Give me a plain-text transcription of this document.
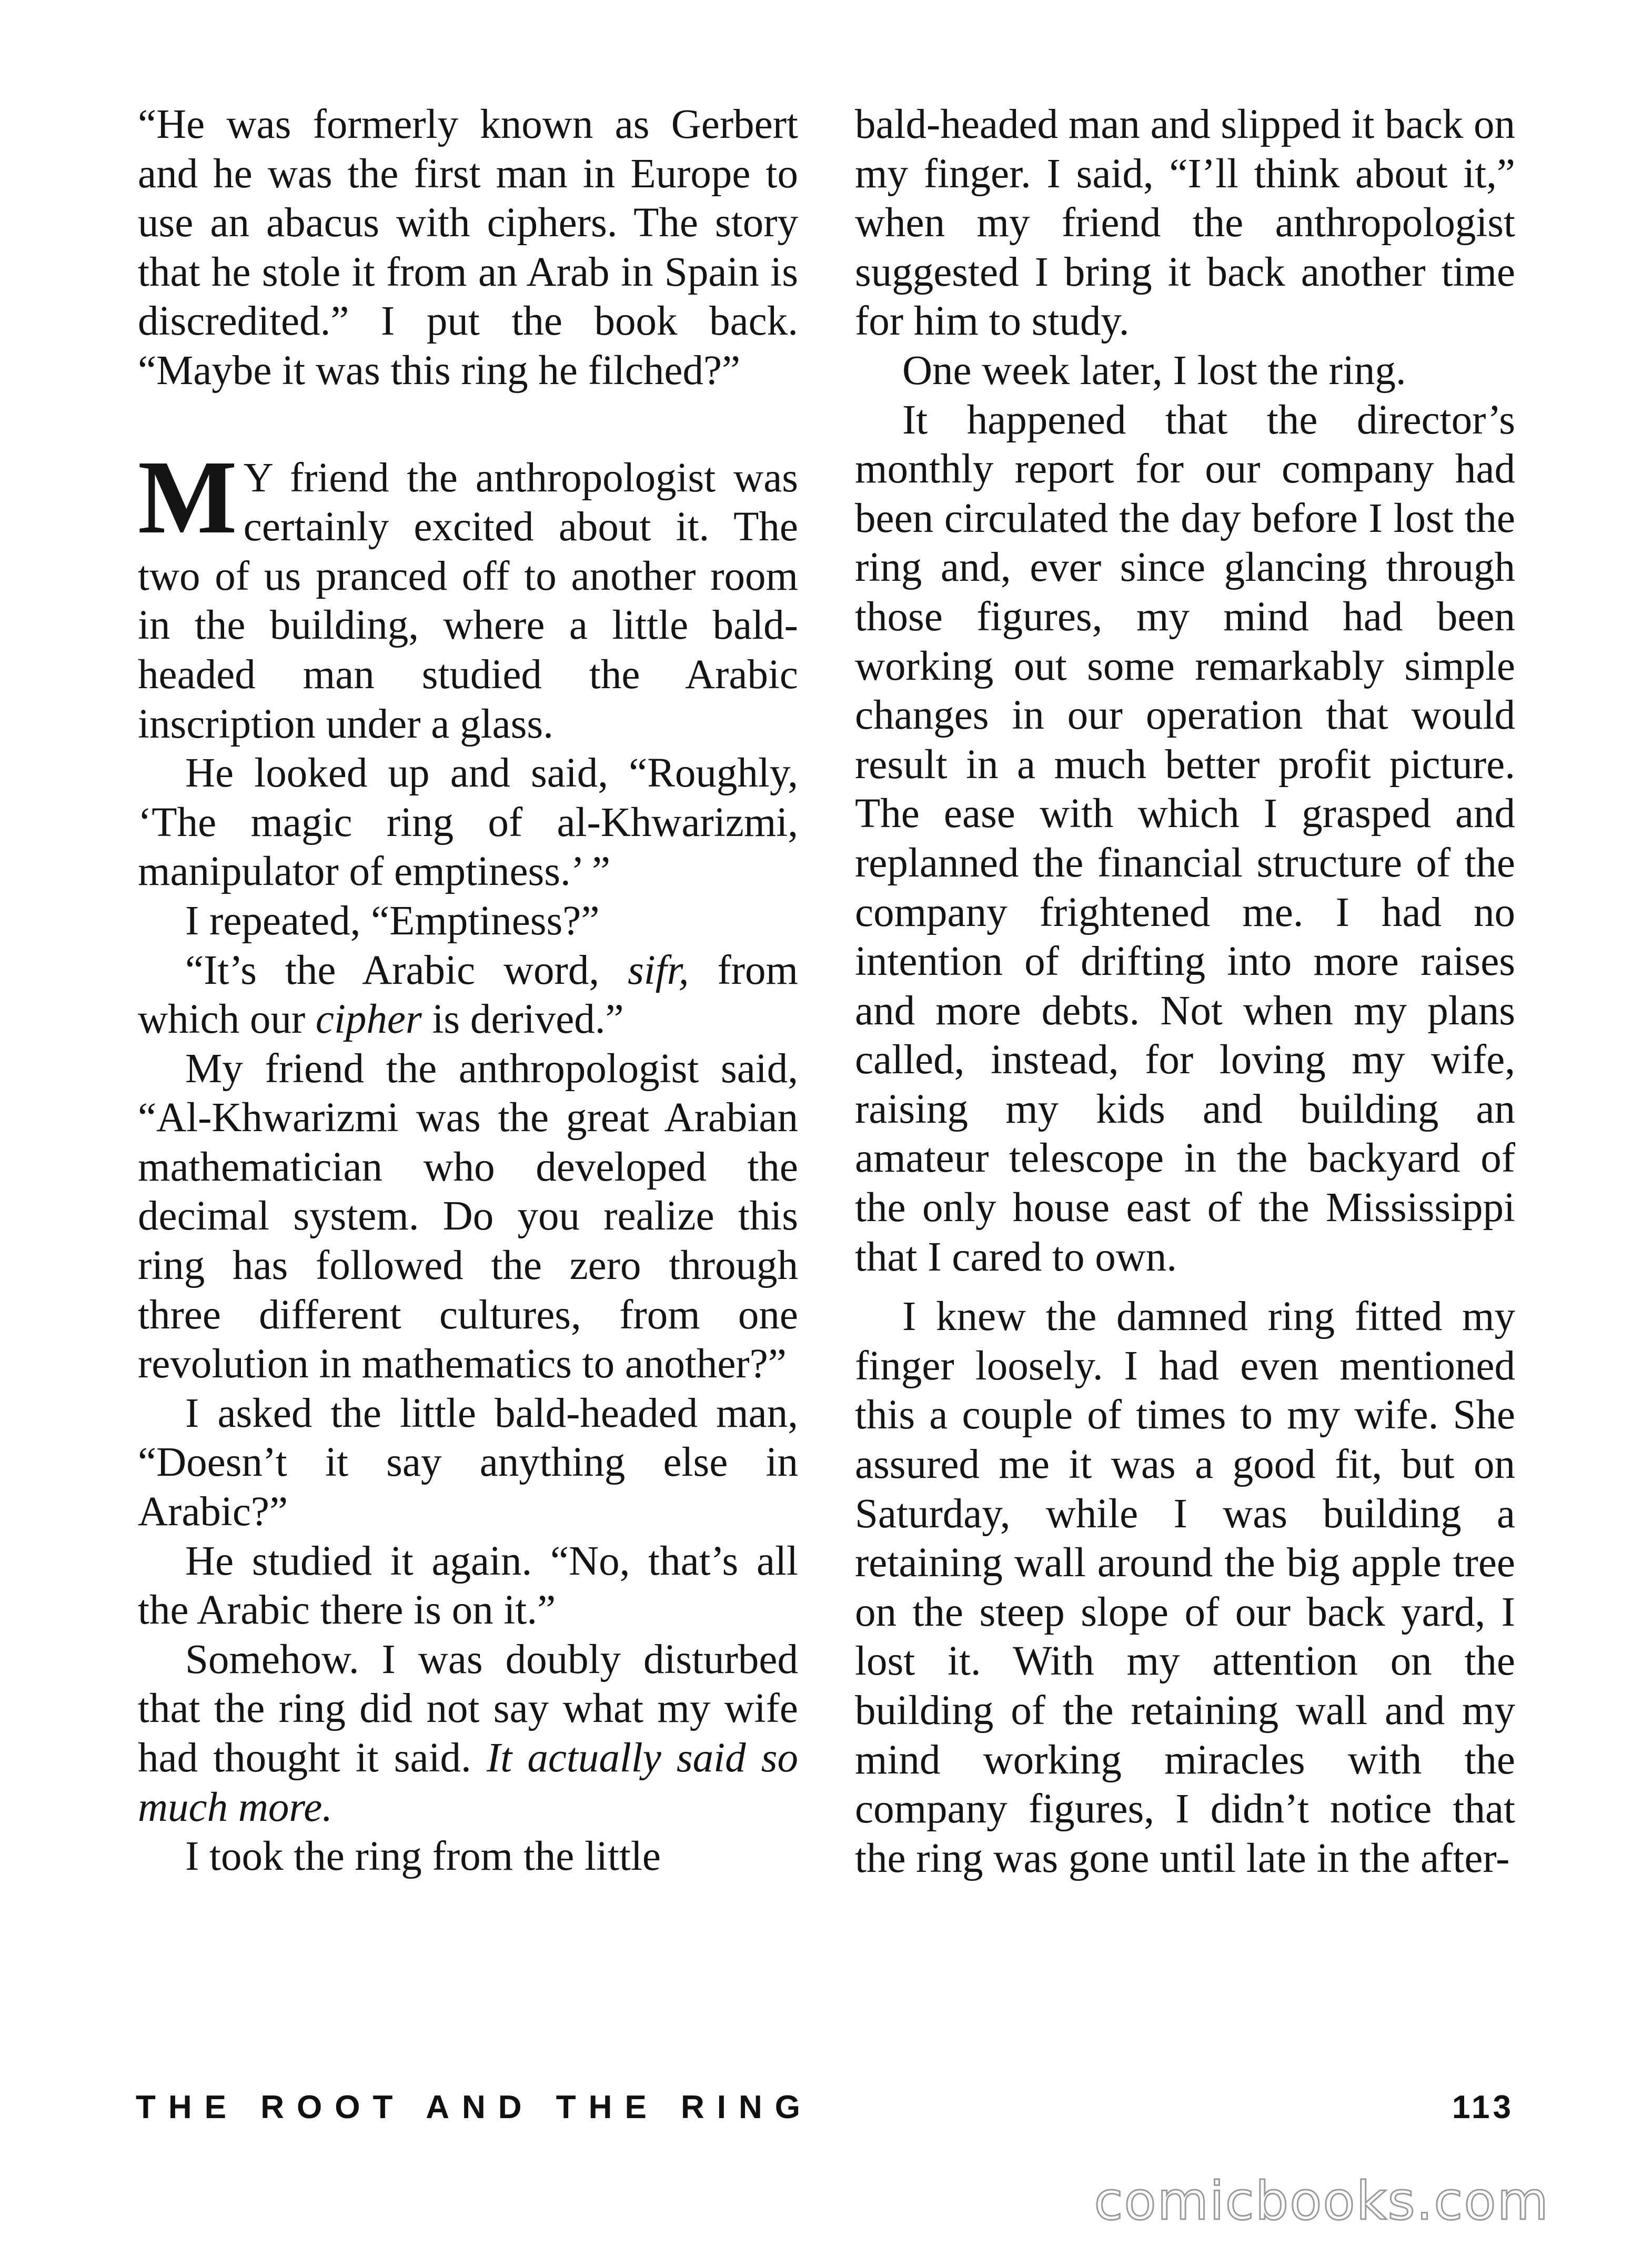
“He was formerly known as Gerbert and he was the first man in Europe to use an abacus with ciphers. The story that he stole it from an Arab in Spain is discredited.” I put the book back. “Maybe it was this ring he filched?”

M Y friend the anthropologist was certainly excited about it. The two of us pranced off to another room in the building, where a little bald-headed man studied the Arabic inscription under a glass.

He looked up and said, “Roughly, ‘The magic ring of al-Khwarizmi, manipulator of emptiness.’ ”

I repeated, “Emptiness?”

“It’s the Arabic word, sifr, from which our cipher is derived.”

My friend the anthropologist said, “Al-Khwarizmi was the great Arabian mathematician who developed the decimal system. Do you realize this ring has followed the zero through three different cultures, from one revolution in mathematics to another?”

I asked the little bald-headed man, “Doesn’t it say anything else in Arabic?”

He studied it again. “No, that’s all the Arabic there is on it.”

Somehow. I was doubly disturbed that the ring did not say what my wife had thought it said. It actually said so much more.

I took the ring from the little

bald-headed man and slipped it back on my finger. I said, “I’ll think about it,” when my friend the anthropologist suggested I bring it back another time for him to study.

One week later, I lost the ring.

It happened that the director’s monthly report for our company had been circulated the day before I lost the ring and, ever since glancing through those figures, my mind had been working out some remarkably simple changes in our operation that would result in a much better profit picture. The ease with which I grasped and replanned the financial structure of the company frightened me. I had no intention of drifting into more raises and more debts. Not when my plans called, instead, for loving my wife, raising my kids and building an amateur telescope in the backyard of the only house east of the Mississippi that I cared to own.

I knew the damned ring fitted my finger loosely. I had even mentioned this a couple of times to my wife. She assured me it was a good fit, but on Saturday, while I was building a retaining wall around the big apple tree on the steep slope of our back yard, I lost it. With my attention on the building of the retaining wall and my mind working miracles with the company figures, I didn’t notice that the ring was gone until late in the after-

THE ROOT AND THE RING	113
comicbooks.com
